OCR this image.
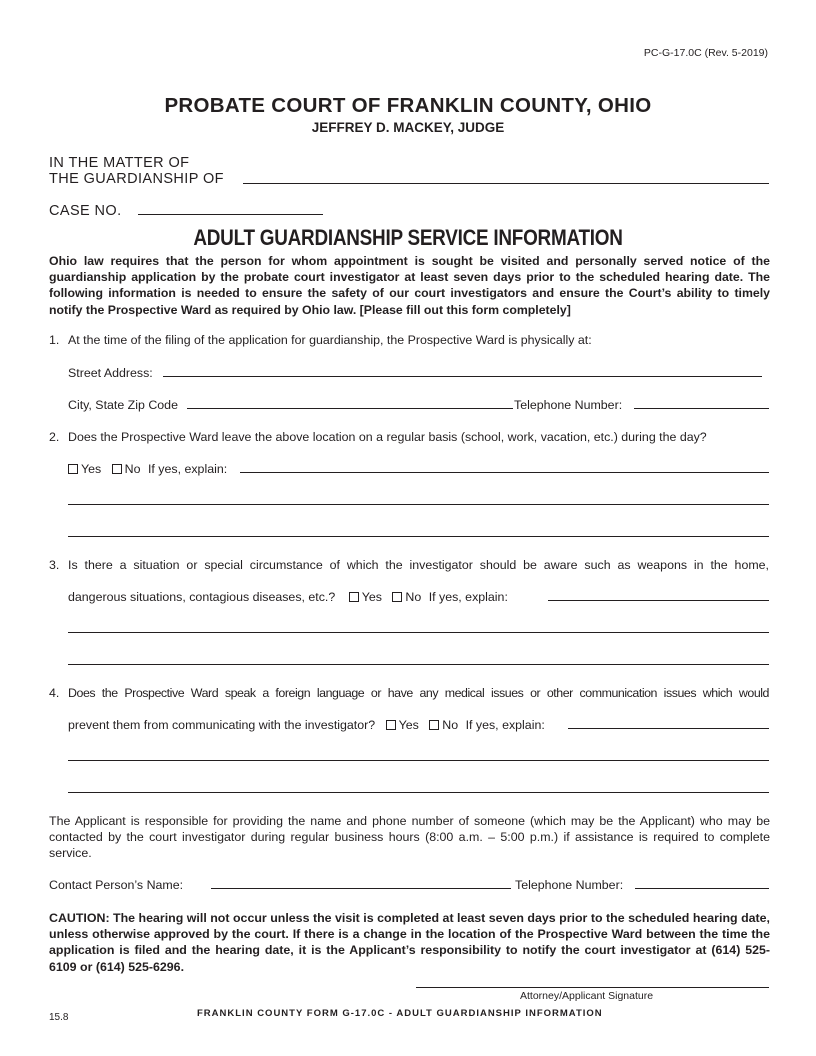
PC-G-17.0C (Rev. 5-2019)
PROBATE COURT OF FRANKLIN COUNTY, OHIO
JEFFREY D. MACKEY, JUDGE
IN THE MATTER OF
THE GUARDIANSHIP OF
CASE NO.
ADULT GUARDIANSHIP SERVICE INFORMATION
Ohio law requires that the person for whom appointment is sought be visited and personally served notice of the guardianship application by the probate court investigator at least seven days prior to the scheduled hearing date. The following information is needed to ensure the safety of our court investigators and ensure the Court’s ability to timely notify the Prospective Ward as required by Ohio law. [Please fill out this form completely]
1. At the time of the filing of the application for guardianship, the Prospective Ward is physically at:
Street Address:
City, State Zip Code	Telephone Number:
2. Does the Prospective Ward leave the above location on a regular basis (school, work, vacation, etc.) during the day?
Yes No If yes, explain:
3. Is there a situation or special circumstance of which the investigator should be aware such as weapons in the home,
dangerous situations, contagious diseases, etc.? Yes No If yes, explain:
4. Does the Prospective Ward speak a foreign language or have any medical issues or other communication issues which would
prevent them from communicating with the investigator? Yes No If yes, explain:
The Applicant is responsible for providing the name and phone number of someone (which may be the Applicant) who may be contacted by the court investigator during regular business hours (8:00 a.m. – 5:00 p.m.) if assistance is required to complete service.
Contact Person’s Name:	Telephone Number:
CAUTION: The hearing will not occur unless the visit is completed at least seven days prior to the scheduled hearing date, unless otherwise approved by the court. If there is a change in the location of the Prospective Ward between the time the application is filed and the hearing date, it is the Applicant’s responsibility to notify the court investigator at (614) 525-6109 or (614) 525-6296.
Attorney/Applicant Signature
15.8	FRANKLIN COUNTY FORM G-17.0C - ADULT GUARDIANSHIP INFORMATION
